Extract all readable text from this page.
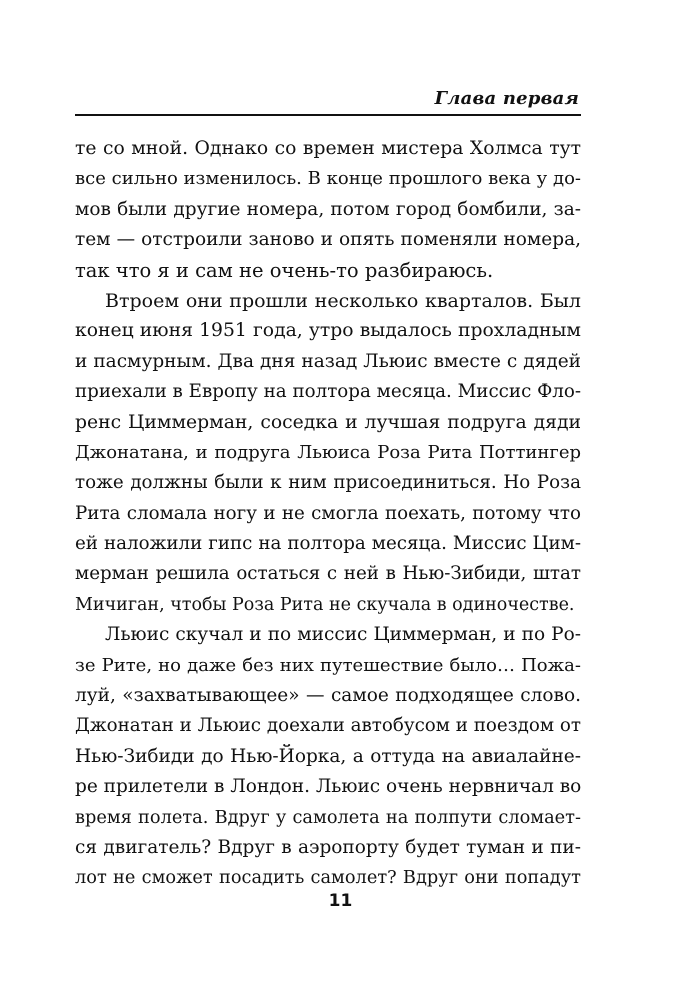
Глава первая
те со мной. Однако со времен мистера Холмса тут
все сильно изменилось. В конце прошлого века у до-
мов были другие номера, потом город бомбили, за-
тем — отстроили заново и опять поменяли номера,
так что я и сам не очень-то разбираюсь.
Втроем они прошли несколько кварталов. Был
конец июня 1951 года, утро выдалось прохладным
и пасмурным. Два дня назад Льюис вместе с дядей
приехали в Европу на полтора месяца. Миссис Фло-
ренс Циммерман, соседка и лучшая подруга дяди
Джонатана, и подруга Льюиса Роза Рита Поттингер
тоже должны были к ним присоединиться. Но Роза
Рита сломала ногу и не смогла поехать, потому что
ей наложили гипс на полтора месяца. Миссис Цим-
мерман решила остаться с ней в Нью-Зибиди, штат
Мичиган, чтобы Роза Рита не скучала в одиночестве.
Льюис скучал и по миссис Циммерман, и по Ро-
зе Рите, но даже без них путешествие было… Пожа-
луй, «захватывающее» — самое подходящее слово.
Джонатан и Льюис доехали автобусом и поездом от
Нью-Зибиди до Нью-Йорка, а оттуда на авиалайне-
ре прилетели в Лондон. Льюис очень нервничал во
время полета. Вдруг у самолета на полпути сломает-
ся двигатель? Вдруг в аэропорту будет туман и пи-
лот не сможет посадить самолет? Вдруг они попадут
11
